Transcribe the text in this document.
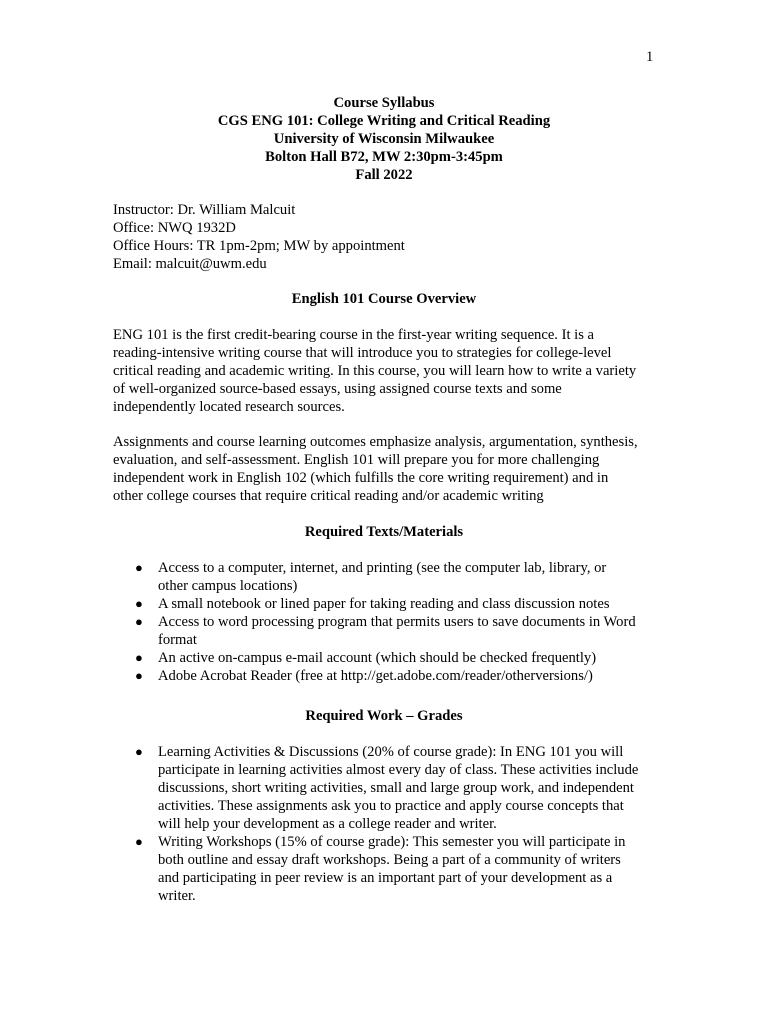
1
Course Syllabus
CGS ENG 101: College Writing and Critical Reading
University of Wisconsin Milwaukee
Bolton Hall B72, MW 2:30pm-3:45pm
Fall 2022
Instructor: Dr. William Malcuit
Office: NWQ 1932D
Office Hours: TR 1pm-2pm; MW by appointment
Email: malcuit@uwm.edu
English 101 Course Overview
ENG 101 is the first credit-bearing course in the first-year writing sequence. It is a
reading-intensive writing course that will introduce you to strategies for college-level
critical reading and academic writing. In this course, you will learn how to write a variety
of well-organized source-based essays, using assigned course texts and some
independently located research sources.
Assignments and course learning outcomes emphasize analysis, argumentation, synthesis,
evaluation, and self-assessment. English 101 will prepare you for more challenging
independent work in English 102 (which fulfills the core writing requirement) and in
other college courses that require critical reading and/or academic writing
Required Texts/Materials
● Access to a computer, internet, and printing (see the computer lab, library, or
other campus locations)
● A small notebook or lined paper for taking reading and class discussion notes
● Access to word processing program that permits users to save documents in Word
format
● An active on-campus e-mail account (which should be checked frequently)
● Adobe Acrobat Reader (free at http://get.adobe.com/reader/otherversions/)
Required Work – Grades
● Learning Activities & Discussions (20% of course grade): In ENG 101 you will
participate in learning activities almost every day of class. These activities include
discussions, short writing activities, small and large group work, and independent
activities. These assignments ask you to practice and apply course concepts that
will help your development as a college reader and writer.
● Writing Workshops (15% of course grade): This semester you will participate in
both outline and essay draft workshops. Being a part of a community of writers
and participating in peer review is an important part of your development as a
writer.
